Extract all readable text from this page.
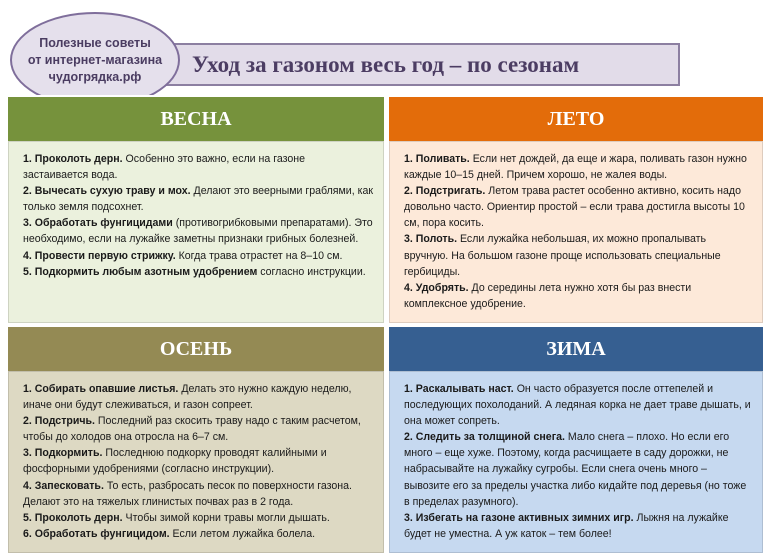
Уход за газоном весь год – по сезонам
Полезные советы
от интернет-магазина
чудогрядка.рф
ВЕСНА

1. Проколоть дерн. Особенно это важно, если на газоне застаивается вода.

2. Вычесать сухую траву и мох. Делают это веерными граблями, как только земля подсохнет.

3. Обработать фунгицидами (противогрибковыми препаратами). Это необходимо, если на лужайке заметны признаки грибных болезней.

4. Провести первую стрижку. Когда трава отрастет на 8–10 см.

5. Подкормить любым азотным удобрением согласно инструкции.

ЛЕТО

1. Поливать. Если нет дождей, да еще и жара, поливать газон нужно каждые 10–15 дней. Причем хорошо, не жалея воды.

2. Подстригать. Летом трава растет особенно активно, косить надо довольно часто. Ориентир простой – если трава достигла высоты 10 см, пора косить.

3. Полоть. Если лужайка небольшая, их можно пропалывать вручную. На большом газоне проще использовать специальные гербициды.

4. Удобрять. До середины лета нужно хотя бы раз внести комплексное удобрение.

ОСЕНЬ

1. Собирать опавшие листья. Делать это нужно каждую неделю, иначе они будут слеживаться, и газон сопреет.

2. Подстричь. Последний раз скосить траву надо с таким расчетом, чтобы до холодов она отросла на 6–7 см.

3. Подкормить. Последнюю подкорку проводят калийными и фосфорными удобрениями (согласно инструкции).

4. Запесковать. То есть, разбросать песок по поверхности газона. Делают это на тяжелых глинистых почвах раз в 2 года.

5. Проколоть дерн. Чтобы зимой корни травы могли дышать.

6. Обработать фунгицидом. Если летом лужайка болела.

ЗИМА

1. Раскалывать наст. Он часто образуется после оттепелей и последующих похолоданий. А ледяная корка не дает траве дышать, и она может сопреть.

2. Следить за толщиной снега. Мало снега – плохо. Но если его много – еще хуже. Поэтому, когда расчищаете в саду дорожки, не набрасывайте на лужайку сугробы. Если снега очень много – вывозите его за пределы участка либо кидайте под деревья (но тоже в пределах разумного).

3. Избегать на газоне активных зимних игр. Лыжня на лужайке будет не уместна. А уж каток – тем более!
